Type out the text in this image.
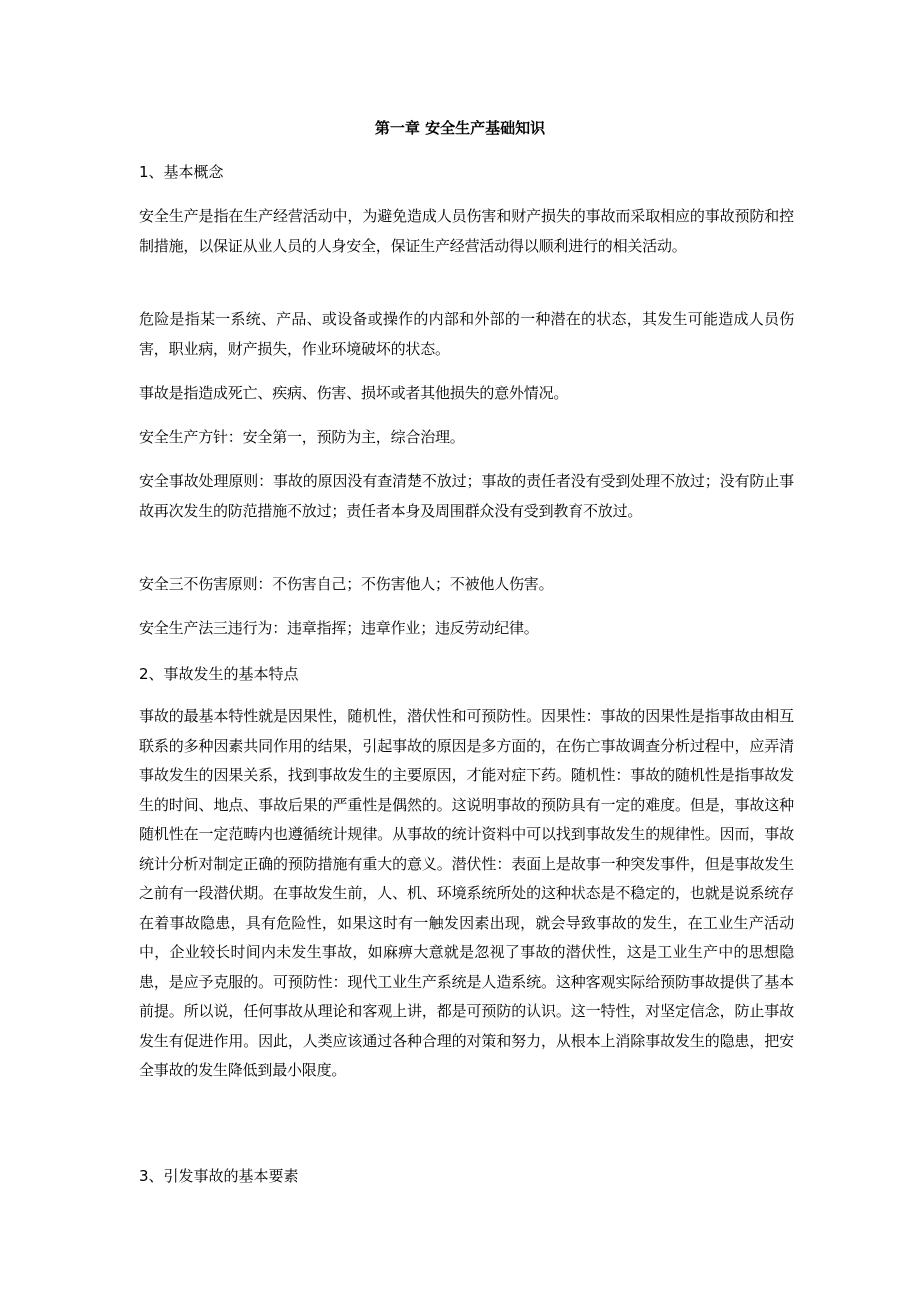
第一章 安全生产基础知识
1、基本概念

安全生产是指在生产经营活动中，为避免造成人员伤害和财产损失的事故而采取相应的事故预防和控制措施，以保证从业人员的人身安全，保证生产经营活动得以顺利进行的相关活动。

危险是指某一系统、产品、或设备或操作的内部和外部的一种潜在的状态，其发生可能造成人员伤害，职业病，财产损失，作业环境破坏的状态。

事故是指造成死亡、疾病、伤害、损坏或者其他损失的意外情况。

安全生产方针：安全第一，预防为主，综合治理。

安全事故处理原则：事故的原因没有查清楚不放过；事故的责任者没有受到处理不放过；没有防止事故再次发生的防范措施不放过；责任者本身及周围群众没有受到教育不放过。

安全三不伤害原则：不伤害自己；不伤害他人；不被他人伤害。

安全生产法三违行为：违章指挥；违章作业；违反劳动纪律。

2、事故发生的基本特点

事故的最基本特性就是因果性，随机性，潜伏性和可预防性。因果性：事故的因果性是指事故由相互联系的多种因素共同作用的结果，引起事故的原因是多方面的，在伤亡事故调查分析过程中，应弄清事故发生的因果关系，找到事故发生的主要原因，才能对症下药。随机性：事故的随机性是指事故发生的时间、地点、事故后果的严重性是偶然的。这说明事故的预防具有一定的难度。但是，事故这种随机性在一定范畴内也遵循统计规律。从事故的统计资料中可以找到事故发生的规律性。因而，事故统计分析对制定正确的预防措施有重大的意义。潜伏性：表面上是故事一种突发事件，但是事故发生之前有一段潜伏期。在事故发生前，人、机、环境系统所处的这种状态是不稳定的，也就是说系统存在着事故隐患，具有危险性，如果这时有一触发因素出现，就会导致事故的发生，在工业生产活动中，企业较长时间内未发生事故，如麻痹大意就是忽视了事故的潜伏性，这是工业生产中的思想隐患，是应予克服的。可预防性：现代工业生产系统是人造系统。这种客观实际给预防事故提供了基本前提。所以说，任何事故从理论和客观上讲，都是可预防的认识。这一特性，对坚定信念，防止事故发生有促进作用。因此，人类应该通过各种合理的对策和努力，从根本上消除事故发生的隐患，把安全事故的发生降低到最小限度。

3、引发事故的基本要素
